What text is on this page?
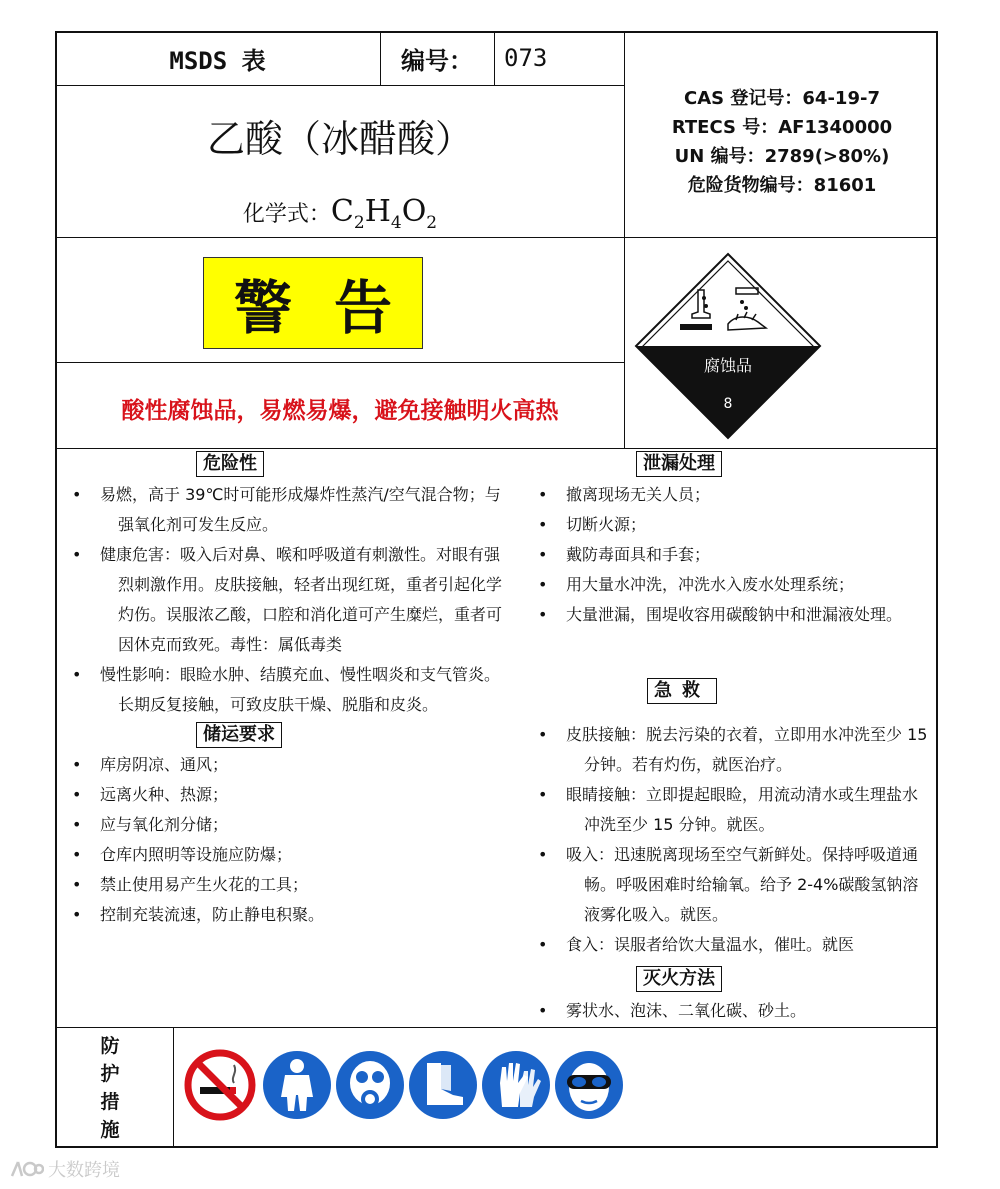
MSDS 表	编号：	073
乙酸（冰醋酸）
化学式：$C_2H_4O_2$
CAS 登记号：64-19-7
RTECS 号：AF1340000
UN 编号：2789(>80%)
危险货物编号：81601
警告
酸性腐蚀品，易燃易爆，避免接触明火高热
腐蚀品
8
危险性
• 易燃，高于 39℃时可能形成爆炸性蒸汽/空气混合物；与强氧化剂可发生反应。
• 健康危害：吸入后对鼻、喉和呼吸道有刺激性。对眼有强烈刺激作用。皮肤接触，轻者出现红斑，重者引起化学灼伤。误服浓乙酸，口腔和消化道可产生糜烂，重者可因休克而致死。毒性：属低毒类
• 慢性影响：眼睑水肿、结膜充血、慢性咽炎和支气管炎。长期反复接触，可致皮肤干燥、脱脂和皮炎。
储运要求
• 库房阴凉、通风；
• 远离火种、热源；
• 应与氧化剂分储；
• 仓库内照明等设施应防爆；
• 禁止使用易产生火花的工具；
• 控制充装流速，防止静电积聚。
泄漏处理
• 撤离现场无关人员；
• 切断火源；
• 戴防毒面具和手套；
• 用大量水冲洗，冲洗水入废水处理系统；
• 大量泄漏，围堤收容用碳酸钠中和泄漏液处理。
急救
• 皮肤接触：脱去污染的衣着，立即用水冲洗至少 15 分钟。若有灼伤，就医治疗。
• 眼睛接触：立即提起眼睑，用流动清水或生理盐水冲洗至少 15 分钟。就医。
• 吸入：迅速脱离现场至空气新鲜处。保持呼吸道通畅。呼吸困难时给输氧。给予 2-4%碳酸氢钠溶液雾化吸入。就医。
• 食入：误服者给饮大量温水，催吐。就医
灭火方法
• 雾状水、泡沫、二氧化碳、砂土。
防护措施
大数跨境
